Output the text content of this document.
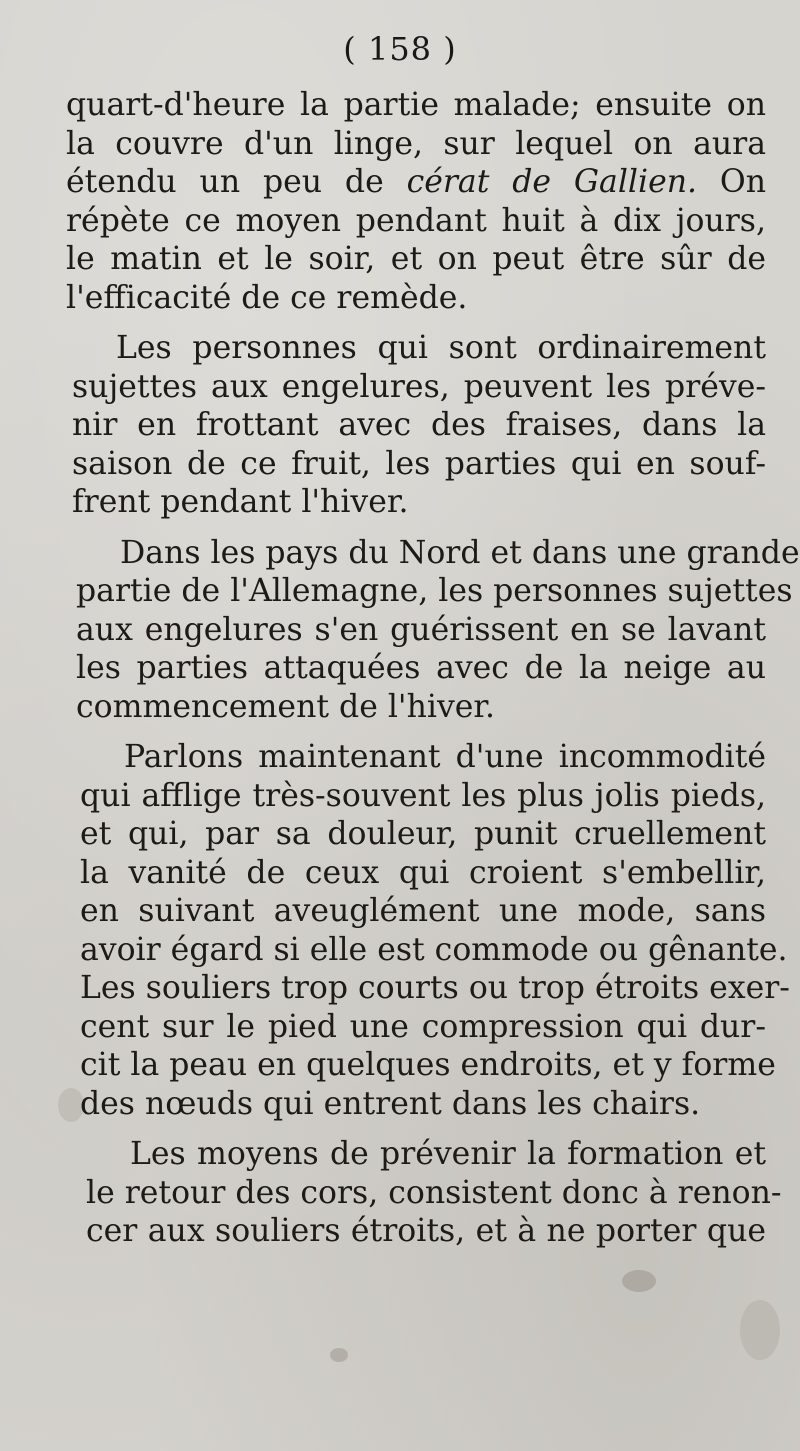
( 158 )
quart-d'heure la partie malade; ensuite on
la couvre d'un linge, sur lequel on aura
étendu un peu de cérat de Gallien. On
répète ce moyen pendant huit à dix jours,
le matin et le soir, et on peut être sûr de
l'efficacité de ce remède.
Les personnes qui sont ordinairement
sujettes aux engelures, peuvent les préve-
nir en frottant avec des fraises, dans la
saison de ce fruit, les parties qui en souf-
frent pendant l'hiver.
Dans les pays du Nord et dans une grande
partie de l'Allemagne, les personnes sujettes
aux engelures s'en guérissent en se lavant
les parties attaquées avec de la neige au
commencement de l'hiver.
Parlons maintenant d'une incommodité
qui afflige très-souvent les plus jolis pieds,
et qui, par sa douleur, punit cruellement
la vanité de ceux qui croient s'embellir,
en suivant aveuglément une mode, sans
avoir égard si elle est commode ou gênante.
Les souliers trop courts ou trop étroits exer-
cent sur le pied une compression qui dur-
cit la peau en quelques endroits, et y forme
des nœuds qui entrent dans les chairs.
Les moyens de prévenir la formation et
le retour des cors, consistent donc à renon-
cer aux souliers étroits, et à ne porter que
